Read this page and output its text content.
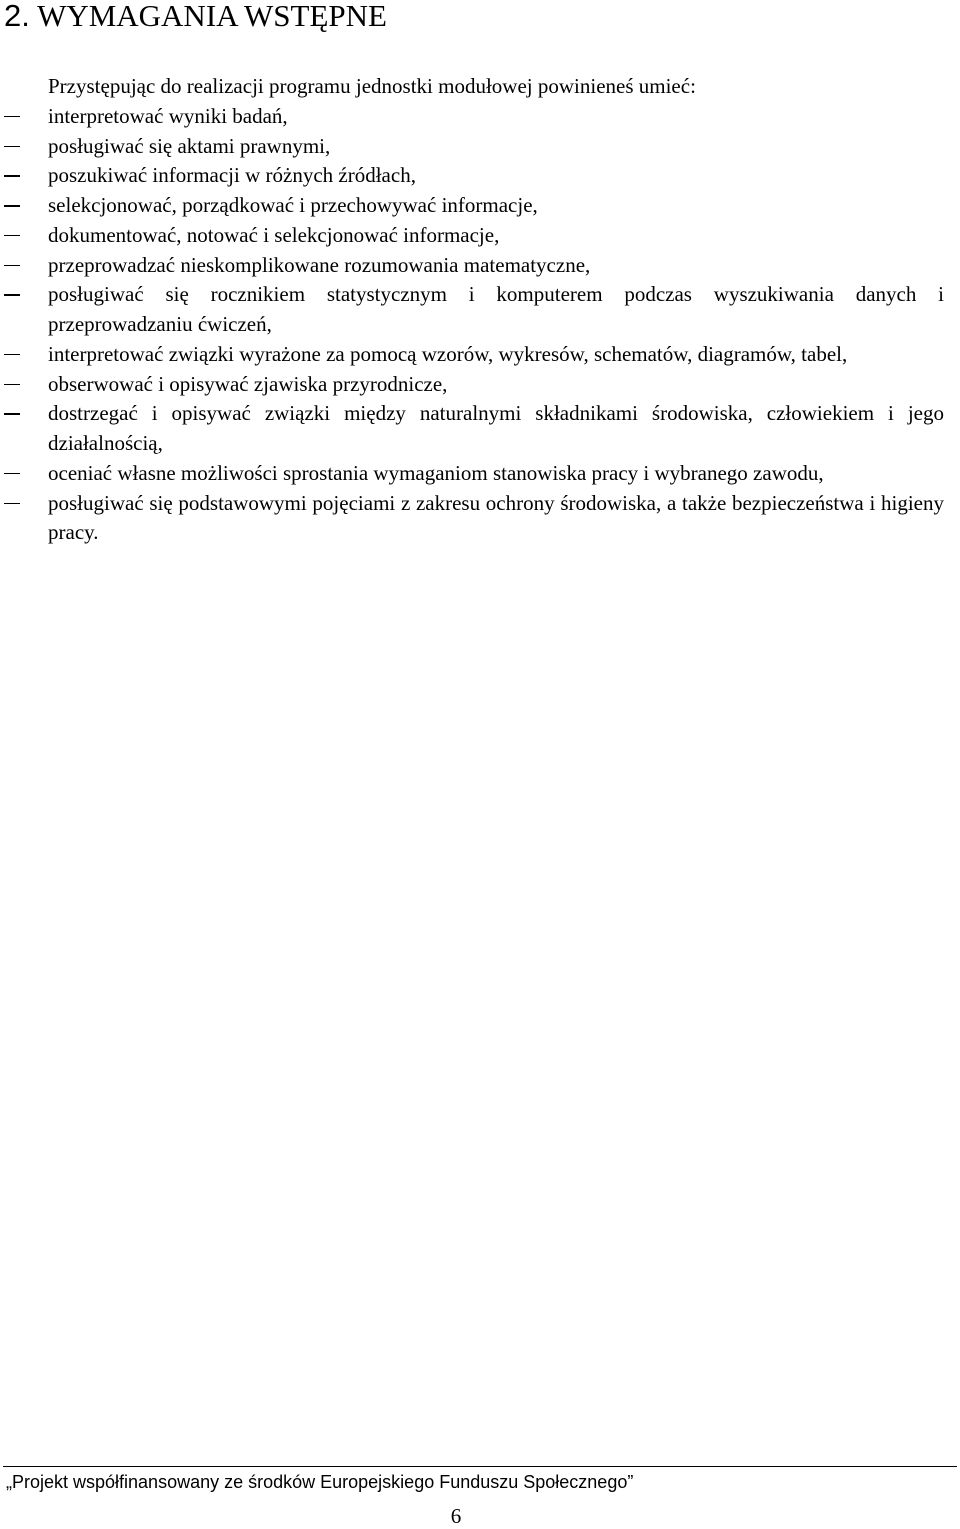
2. WYMAGANIA WSTĘPNE

Przystępując do realizacji programu jednostki modułowej powinieneś umieć:

interpretować wyniki badań,
posługiwać się aktami prawnymi,
poszukiwać informacji w różnych źródłach,
selekcjonować, porządkować i przechowywać informacje,
dokumentować, notować i selekcjonować informacje,
przeprowadzać nieskomplikowane rozumowania matematyczne,
posługiwać się rocznikiem statystycznym i komputerem podczas wyszukiwania danych i przeprowadzaniu ćwiczeń,
interpretować związki wyrażone za pomocą wzorów, wykresów, schematów, diagramów, tabel,
obserwować i opisywać zjawiska przyrodnicze,
dostrzegać i opisywać związki między naturalnymi składnikami środowiska, człowiekiem i jego działalnością,
oceniać własne możliwości sprostania wymaganiom stanowiska pracy i wybranego zawodu,
posługiwać się podstawowymi pojęciami z zakresu ochrony środowiska, a także bezpieczeństwa i higieny pracy.

„Projekt współfinansowany ze środków Europejskiego Funduszu Społecznego”

6
